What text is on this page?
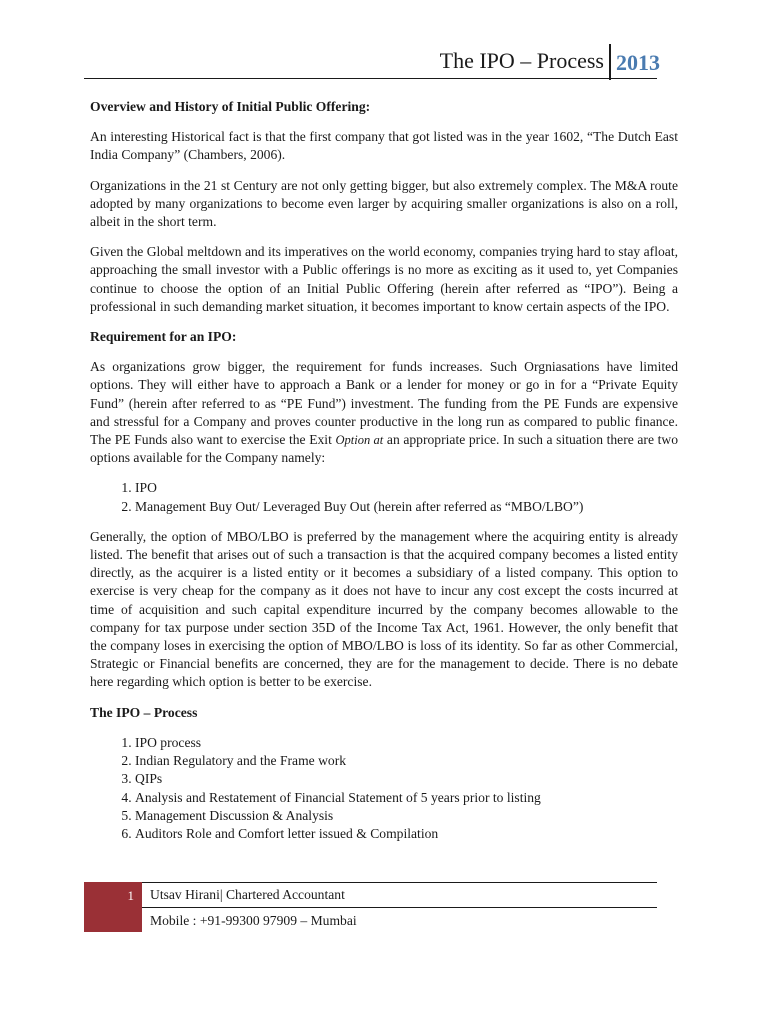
The IPO – Process 2013
Overview and History of Initial Public Offering:

An interesting Historical fact is that the first company that got listed was in the year 1602, “The Dutch East India Company” (Chambers, 2006).

Organizations in the 21 st Century are not only getting bigger, but also extremely complex. The M&A route adopted by many organizations to become even larger by acquiring smaller organizations is also on a roll, albeit in the short term.

Given the Global meltdown and its imperatives on the world economy, companies trying hard to stay afloat, approaching the small investor with a Public offerings is no more as exciting as it used to, yet Companies continue to choose the option of an Initial Public Offering (herein after referred as “IPO”). Being a professional in such demanding market situation, it becomes important to know certain aspects of the IPO.

Requirement for an IPO:

As organizations grow bigger, the requirement for funds increases. Such Orgniasations have limited options. They will either have to approach a Bank or a lender for money or go in for a “Private Equity Fund” (herein after referred to as “PE Fund”) investment. The funding from the PE Funds are expensive and stressful for a Company and proves counter productive in the long run as compared to public finance. The PE Funds also want to exercise the Exit Option at an appropriate price. In such a situation there are two options available for the Company namely:

1. IPO
2. Management Buy Out/ Leveraged Buy Out (herein after referred as “MBO/LBO”)

Generally, the option of MBO/LBO is preferred by the management where the acquiring entity is already listed. The benefit that arises out of such a transaction is that the acquired company becomes a listed entity directly, as the acquirer is a listed entity or it becomes a subsidiary of a listed company. This option to exercise is very cheap for the company as it does not have to incur any cost except the costs incurred at time of acquisition and such capital expenditure incurred by the company becomes allowable to the company for tax purpose under section 35D of the Income Tax Act, 1961. However, the only benefit that the company loses in exercising the option of MBO/LBO is loss of its identity. So far as other Commercial, Strategic or Financial benefits are concerned, they are for the management to decide. There is no debate here regarding which option is better to be exercise.

The IPO – Process
1. IPO process
2. Indian Regulatory and the Frame work
3. QIPs
4. Analysis and Restatement of Financial Statement of 5 years prior to listing
5. Management Discussion & Analysis
6. Auditors Role and Comfort letter issued & Compilation
1 Utsav Hirani| Chartered Accountant
Mobile : +91-99300 97909 – Mumbai
